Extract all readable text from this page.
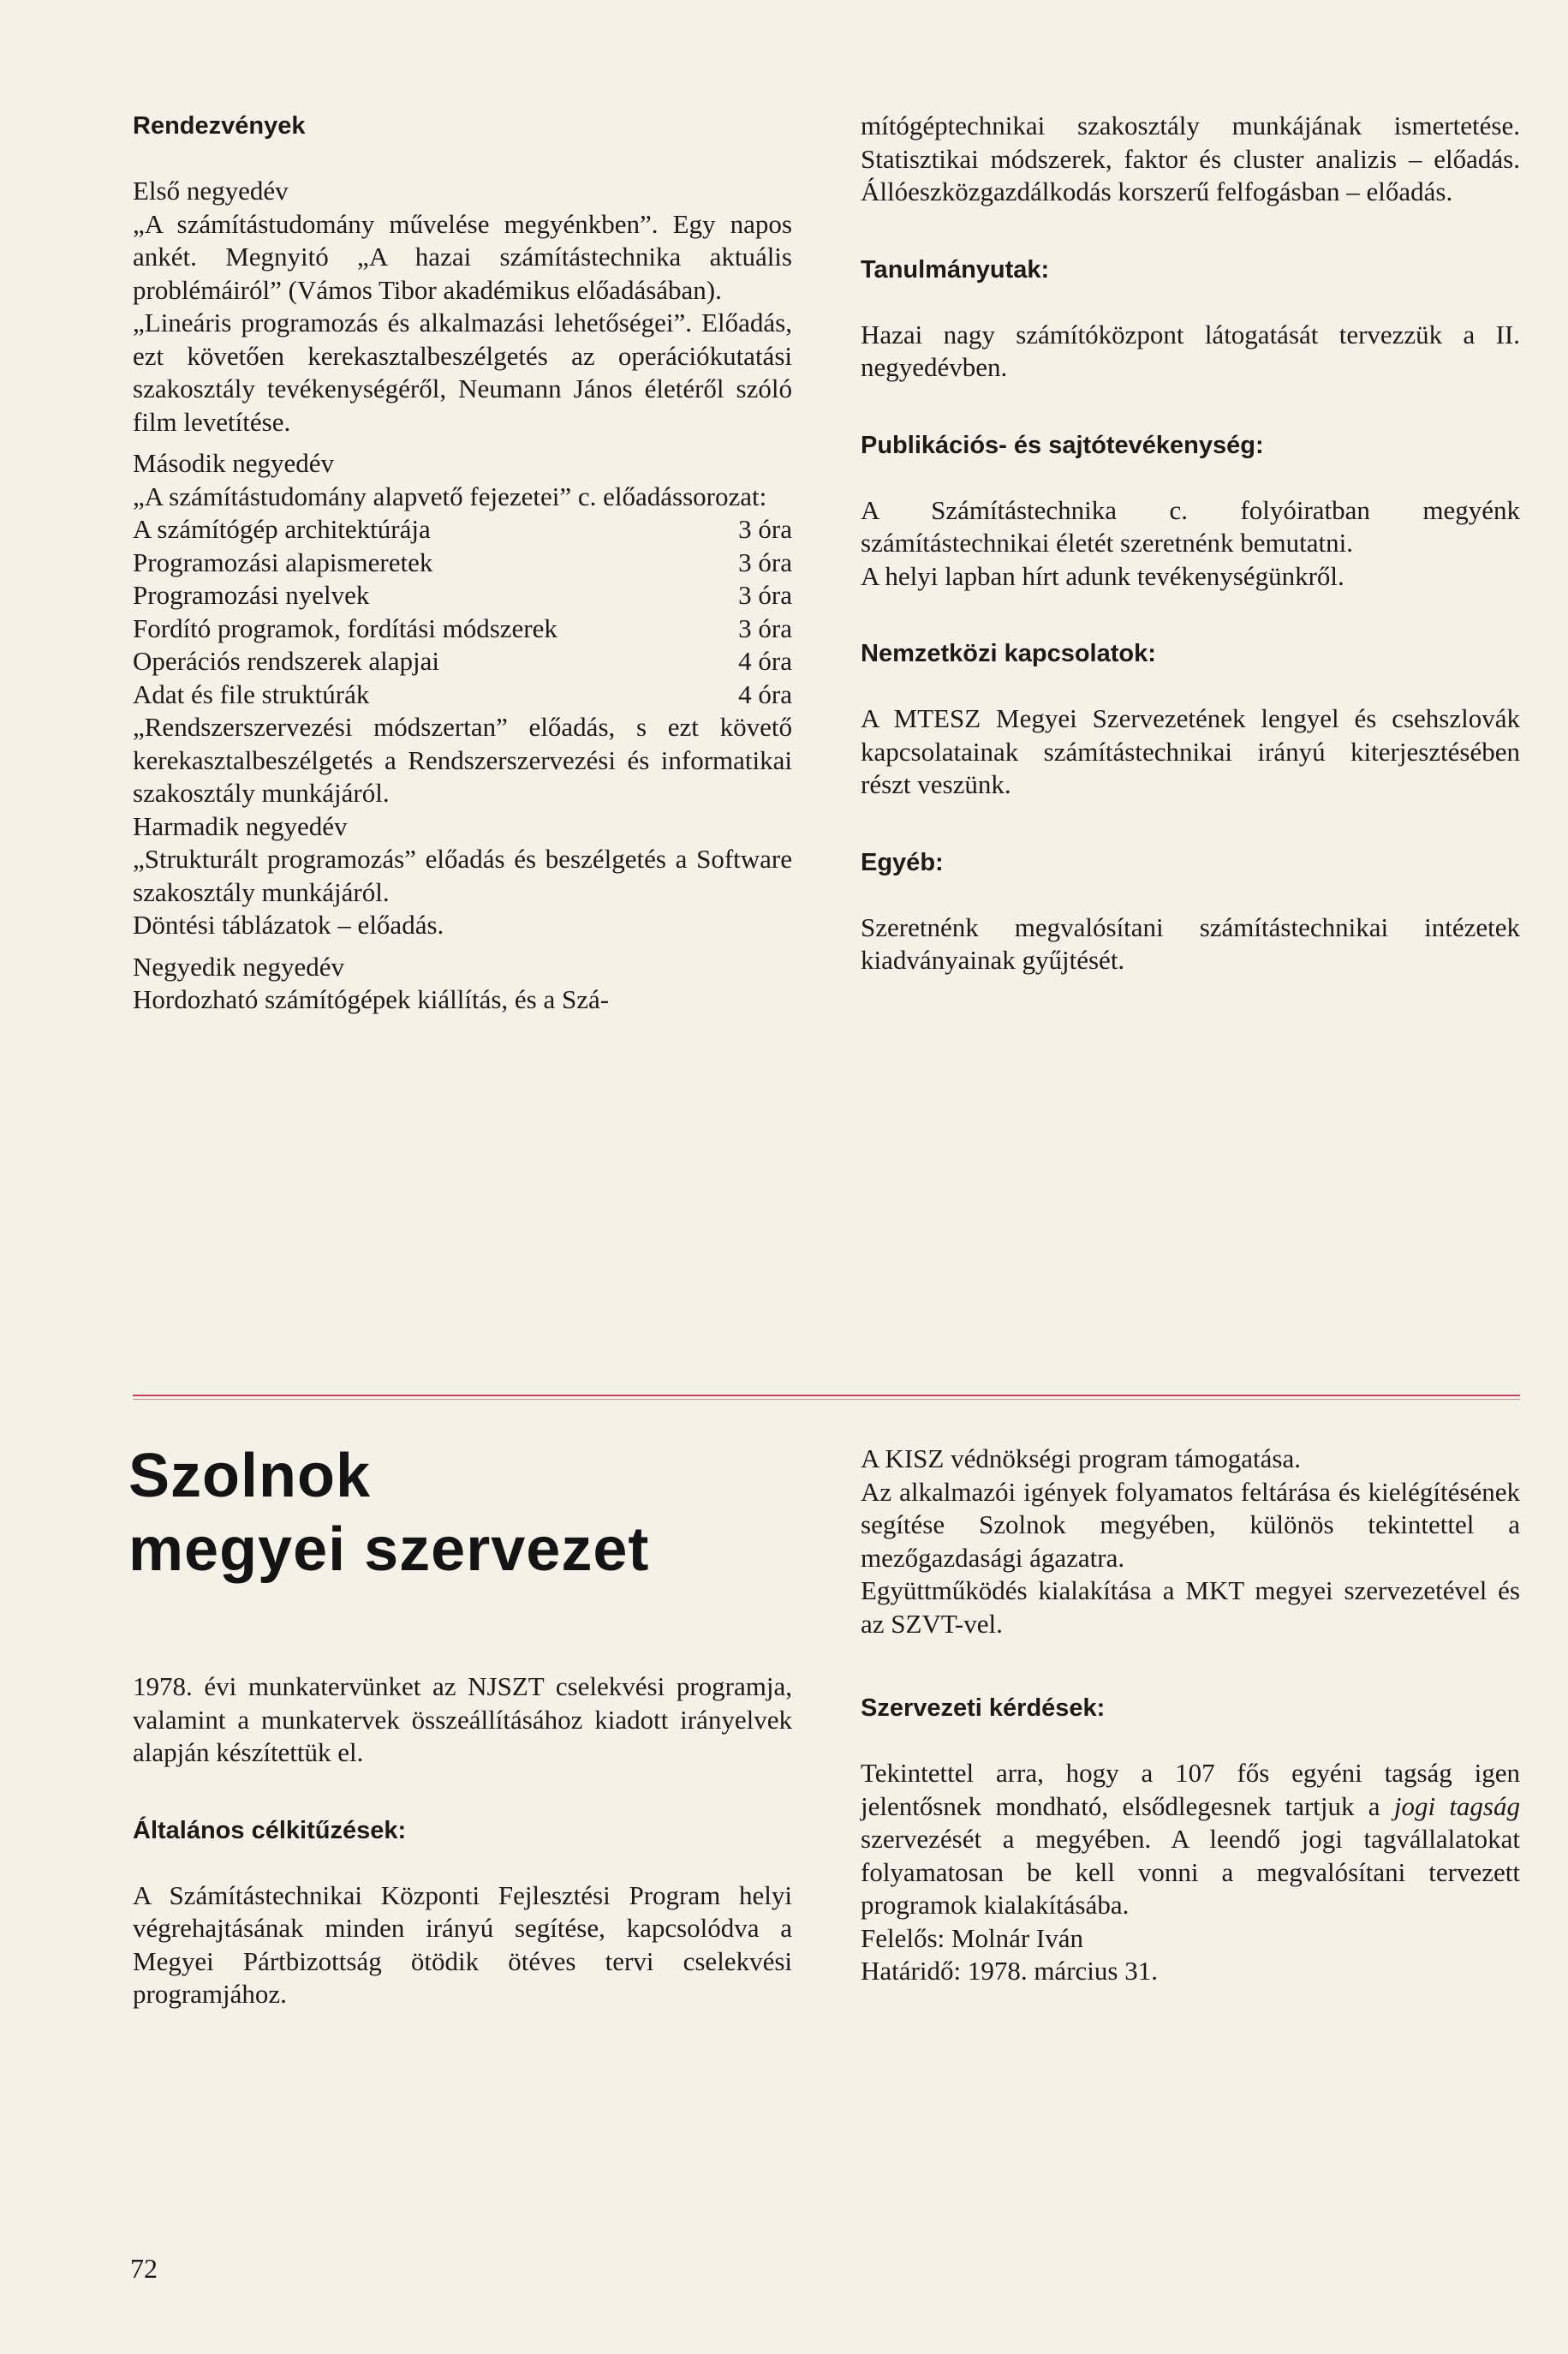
Rendezvények

Első negyedév

„A számítástudomány művelése megyénkben”. Egy napos ankét. Megnyitó „A hazai számítástechnika aktuális problémáiról” (Vámos Tibor akadémikus előadásában).

„Lineáris programozás és alkalmazási lehetőségei”. Előadás, ezt követően kerekasztalbeszélgetés az operációkutatási szakosztály tevékenységéről, Neumann János életéről szóló film levetítése.

Második negyedév

„A számítástudomány alapvető fejezetei” c. előadássorozat:

A számítógép architektúrája	3 óra
Programozási alapismeretek	3 óra
Programozási nyelvek	3 óra
Fordító programok, fordítási módszerek	3 óra
Operációs rendszerek alapjai	4 óra
Adat és file struktúrák	4 óra

„Rendszerszervezési módszertan” előadás, s ezt követő kerekasztalbeszélgetés a Rendszerszervezési és informatikai szakosztály munkájáról.

Harmadik negyedév

„Strukturált programozás” előadás és beszélgetés a Software szakosztály munkájáról.

Döntési táblázatok – előadás.

Negyedik negyedév

Hordozható számítógépek kiállítás, és a Szá-

mítógéptechnikai szakosztály munkájának ismertetése. Statisztikai módszerek, faktor és cluster analizis – előadás. Állóeszközgazdálkodás korszerű felfogásban – előadás.

Tanulmányutak:

Hazai nagy számítóközpont látogatását tervezzük a II. negyedévben.

Publikációs- és sajtótevékenység:

A Számítástechnika c. folyóiratban megyénk számítástechnikai életét szeretnénk bemutatni.

A helyi lapban hírt adunk tevékenységünkről.

Nemzetközi kapcsolatok:

A MTESZ Megyei Szervezetének lengyel és csehszlovák kapcsolatainak számítástechnikai irányú kiterjesztésében részt veszünk.

Egyéb:

Szeretnénk megvalósítani számítástechnikai intézetek kiadványainak gyűjtését.

Szolnok
megyei szervezet

1978. évi munkatervünket az NJSZT cselekvési programja, valamint a munkatervek összeállításához kiadott irányelvek alapján készítettük el.

Általános célkitűzések:

A Számítástechnikai Központi Fejlesztési Program helyi végrehajtásának minden irányú segítése, kapcsolódva a Megyei Pártbizottság ötödik ötéves tervi cselekvési programjához.

A KISZ védnökségi program támogatása.

Az alkalmazói igények folyamatos feltárása és kielégítésének segítése Szolnok megyében, különös tekintettel a mezőgazdasági ágazatra.

Együttműködés kialakítása a MKT megyei szervezetével és az SZVT-vel.

Szervezeti kérdések:

Tekintettel arra, hogy a 107 fős egyéni tagság igen jelentősnek mondható, elsődlegesnek tartjuk a jogi tagság szervezését a megyében. A leendő jogi tagvállalatokat folyamatosan be kell vonni a megvalósítani tervezett programok kialakításába.

Felelős: Molnár Iván

Határidő: 1978. március 31.

72
